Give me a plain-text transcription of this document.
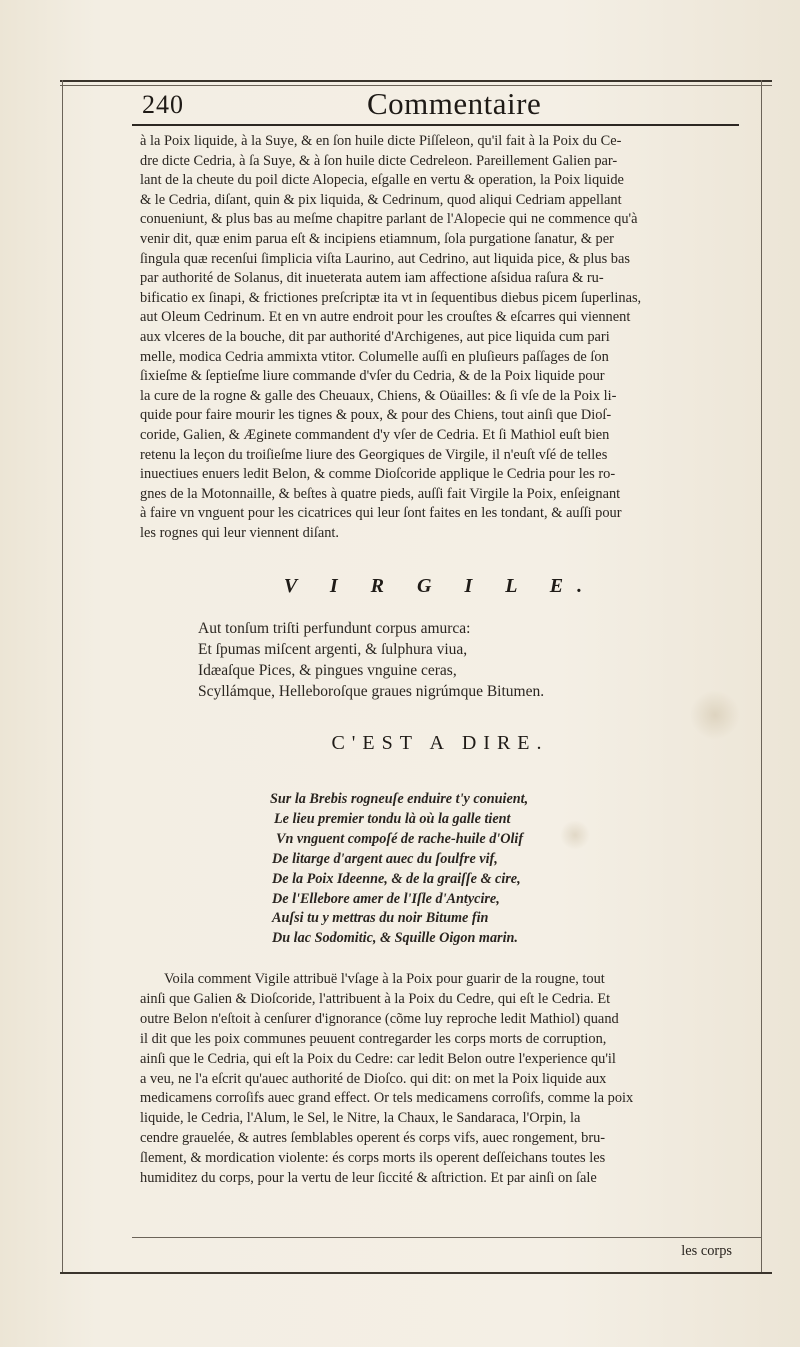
240	Commentaire

à la Poix liquide, à la Suye, & en ſon huile dicte Piſſeleon, qu'il fait à la Poix du Ce-

dre dicte Cedria, à ſa Suye, & à ſon huile dicte Cedreleon. Pareillement Galien par-

lant de la cheute du poil dicte Alopecia, eſgalle en vertu & operation, la Poix liquide

& le Cedria, diſant, quin & pix liquida, & Cedrinum, quod aliqui Cedriam appellant

conueniunt, & plus bas au meſme chapitre parlant de l'Alopecie qui ne commence qu'à

venir dit, quæ enim parua eſt & incipiens etiamnum, ſola purgatione ſanatur, & per

ſingula quæ recenſui ſimplicia viſta Laurino, aut Cedrino, aut liquida pice, & plus bas

par authorité de Solanus, dit inueterata autem iam affectione aſsidua raſura & ru-

bificatio ex ſinapi, & frictiones preſcriptæ ita vt in ſequentibus diebus picem ſuperlinas,

aut Oleum Cedrinum. Et en vn autre endroit pour les crouſtes & eſcarres qui viennent

aux vlceres de la bouche, dit par authorité d'Archigenes, aut pice liquida cum pari

melle, modica Cedria ammixta vtitor. Columelle auſſi en pluſieurs paſſages de ſon

ſixieſme & ſeptieſme liure commande d'vſer du Cedria, & de la Poix liquide pour

la cure de la rogne & galle des Cheuaux, Chiens, & Oüailles: & ſi vſe de la Poix li-

quide pour faire mourir les tignes & poux, & pour des Chiens, tout ainſi que Dioſ-

coride, Galien, & Æginete commandent d'y vſer de Cedria. Et ſi Mathiol euſt bien

retenu la leçon du troiſieſme liure des Georgiques de Virgile, il n'euſt vſé de telles

inuectiues enuers ledit Belon, & comme Dioſcoride applique le Cedria pour les ro-

gnes de la Motonnaille, & beſtes à quatre pieds, auſſi fait Virgile la Poix, enſeignant

à faire vn vnguent pour les cicatrices qui leur ſont faites en les tondant, & auſſi pour

les rognes qui leur viennent diſant.

V I R G I L E.
Aut tonſum triſti perfundunt corpus amurca:
Et ſpumas miſcent argenti, & ſulphura viua,
Idæaſque Pices, & pingues vnguine ceras,
Scyllámque, Helleboroſque graues nigrúmque Bitumen.
C'EST A DIRE.
Sur la Brebis rogneuſe enduire t'y conuient,
Le lieu premier tondu là où la galle tient
Vn vnguent compoſé de rache-huile d'Olif
De litarge d'argent auec du ſoulfre vif,
De la Poix Ideenne, & de la graiſſe & cire,
De l'Ellebore amer de l'Iſle d'Antycire,
Auſsi tu y mettras du noir Bitume fin
Du lac Sodomitic, & Squille Oigon marin.

Voila comment Vigile attribuë l'vſage à la Poix pour guarir de la rougne, tout

ainſi que Galien & Dioſcoride, l'attribuent à la Poix du Cedre, qui eſt le Cedria. Et

outre Belon n'eſtoit à cenſurer d'ignorance (cõme luy reproche ledit Mathiol) quand

il dit que les poix communes peuuent contregarder les corps morts de corruption,

ainſi que le Cedria, qui eſt la Poix du Cedre: car ledit Belon outre l'experience qu'il

a veu, ne l'a eſcrit qu'auec authorité de Dioſco. qui dit: on met la Poix liquide aux

medicamens corroſifs auec grand effect. Or tels medicamens corroſifs, comme la poix

liquide, le Cedria, l'Alum, le Sel, le Nitre, la Chaux, le Sandaraca, l'Orpin, la

cendre grauelée, & autres ſemblables operent és corps vifs, auec rongement, bru-

ſlement, & mordication violente: és corps morts ils operent deſſeichans toutes les

humiditez du corps, pour la vertu de leur ſiccité & aſtriction. Et par ainſi on ſale

les corps
